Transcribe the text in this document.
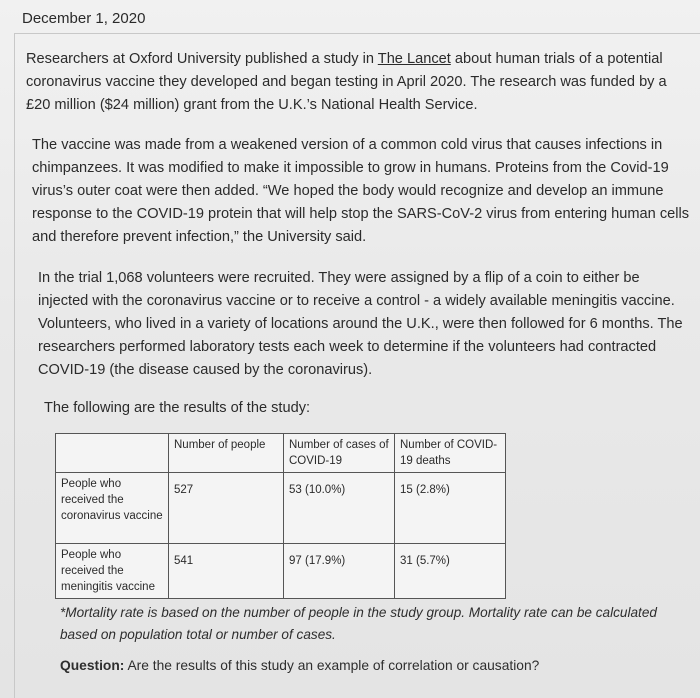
December 1, 2020

Researchers at Oxford University published a study in The Lancet about human trials of a potential coronavirus vaccine they developed and began testing in April 2020. The research was funded by a £20 million ($24 million) grant from the U.K.’s National Health Service.

The vaccine was made from a weakened version of a common cold virus that causes infections in chimpanzees. It was modified to make it impossible to grow in humans. Proteins from the Covid-19 virus’s outer coat were then added. “We hoped the body would recognize and develop an immune response to the COVID-19 protein that will help stop the SARS-CoV-2 virus from entering human cells and therefore prevent infection,” the University said.

In the trial 1,068 volunteers were recruited. They were assigned by a flip of a coin to either be injected with the coronavirus vaccine or to receive a control - a widely available meningitis vaccine. Volunteers, who lived in a variety of locations around the U.K., were then followed for 6 months. The researchers performed laboratory tests each week to determine if the volunteers had contracted COVID-19 (the disease caused by the coronavirus).

The following are the results of the study:

	Number of people	Number of cases of COVID-19	Number of COVID-19 deaths
People who received the coronavirus vaccine	527	53 (10.0%)	15 (2.8%)
People who received the meningitis vaccine	541	97 (17.9%)	31 (5.7%)
*Mortality rate is based on the number of people in the study group. Mortality rate can be calculated based on population total or number of cases.
Question: Are the results of this study an example of correlation or causation?
